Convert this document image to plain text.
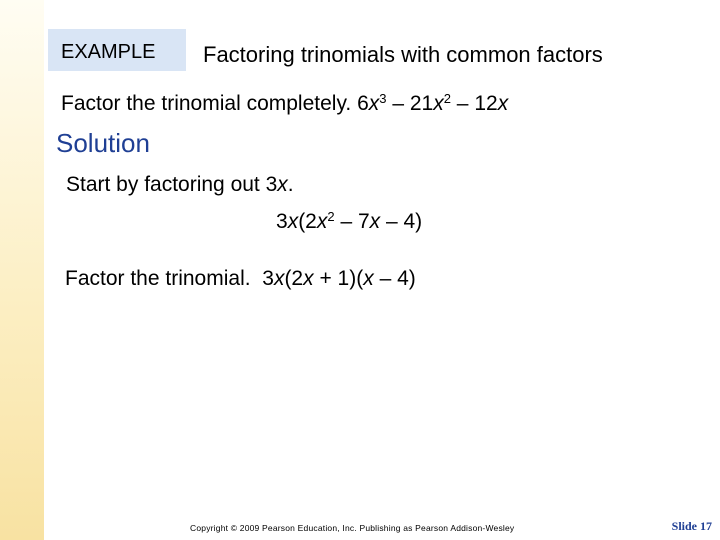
EXAMPLE Factoring trinomials with common factors
Factor the trinomial completely. $6x^3 - 21x^2 - 12x$
Solution
Start by factoring out 3x.
$3x(2x^2 - 7x - 4)$
Factor the trinomial. 3x(2x + 1)(x – 4)
Copyright © 2009 Pearson Education, Inc. Publishing as Pearson Addison-Wesley	Slide 17
